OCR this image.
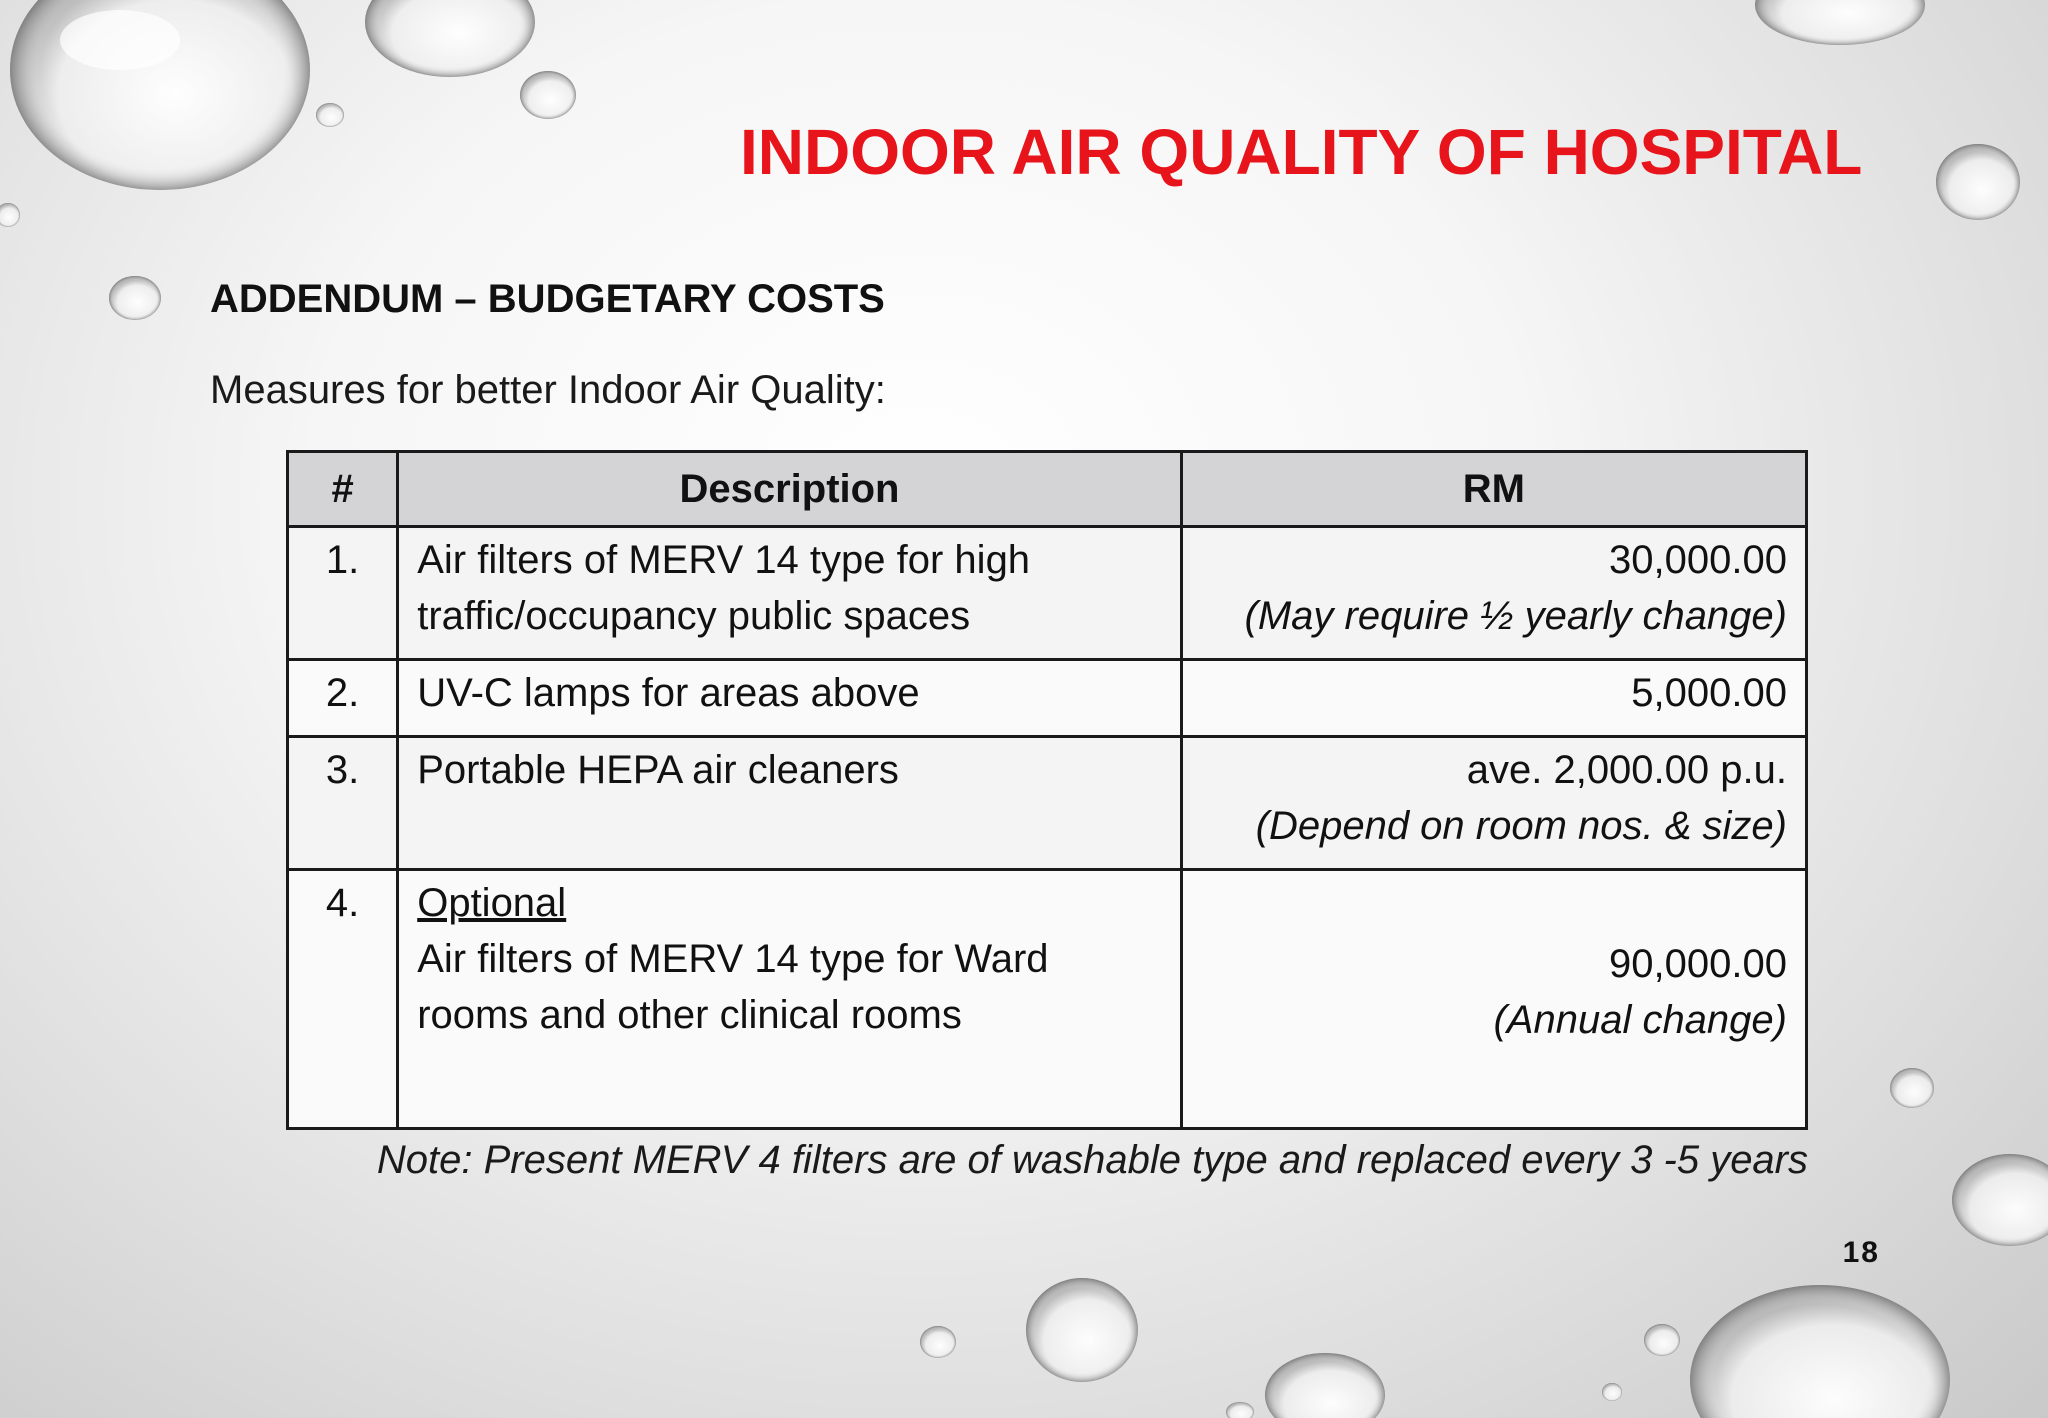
INDOOR AIR QUALITY OF HOSPITAL
ADDENDUM – BUDGETARY COSTS
Measures for better Indoor Air Quality:
#	Description	RM
1.	Air filters of MERV 14 type for high
traffic/occupancy public spaces	30,000.00
(May require ½ yearly change)

2.	UV-C lamps for areas above	5,000.00

3.	Portable HEPA air cleaners	ave. 2,000.00 p.u.
(Depend on room nos. & size)

4.	Optional
Air filters of MERV 14 type for Ward
rooms and other clinical rooms	90,000.00
(Annual change)
Note: Present MERV 4 filters are of washable type and replaced every 3 -5 years
18
